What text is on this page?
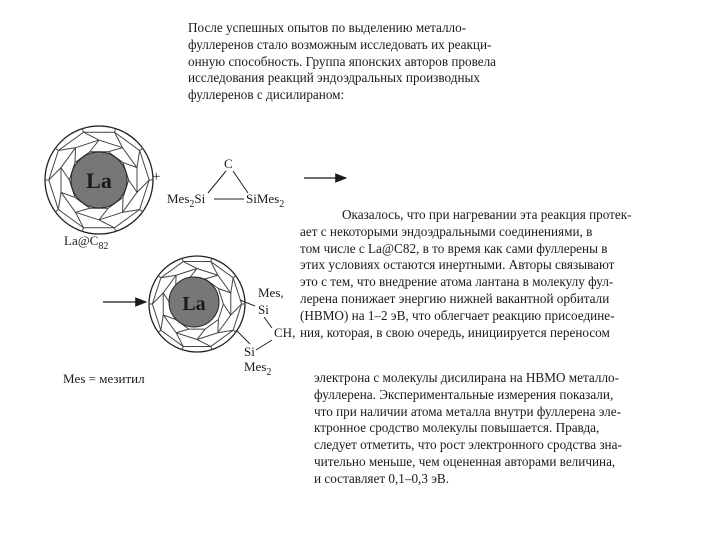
После успешных опытов по выделению металло-
фуллеренов стало возможным исследовать их реакци-
онную способность. Группа японских авторов провела
исследования реакций эндоэдральных производных
фуллеренов с дисилираном:
La
$La@C_{82}$
+
C
Mes$_2$Si	SiMes$_2$
La
Mes,
Si
CH,
Si
Mes$_2$
Mes = мезитил
Оказалось, что при нагревании эта реакция протек-
ает с некоторыми эндоэдральными соединениями, в
том числе с La@C82, в то время как сами фуллерены в
этих условиях остаются инертными. Авторы связывают
это с тем, что внедрение атома лантана в молекулу фул-
лерена понижает энергию нижней вакантной орбитали
(НВМО) на 1–2 эВ, что облегчает реакцию присоедине-
ния, которая, в свою очередь, инициируется переносом
электрона с молекулы дисилирана на НВМО металло-
фуллерена. Экспериментальные измерения показали,
что при наличии атома металла внутри фуллерена эле-
ктронное сродство молекулы повышается. Правда,
следует отметить, что рост электронного сродства зна-
чительно меньше, чем оцененная авторами величина,
и составляет 0,1–0,3 эВ.
